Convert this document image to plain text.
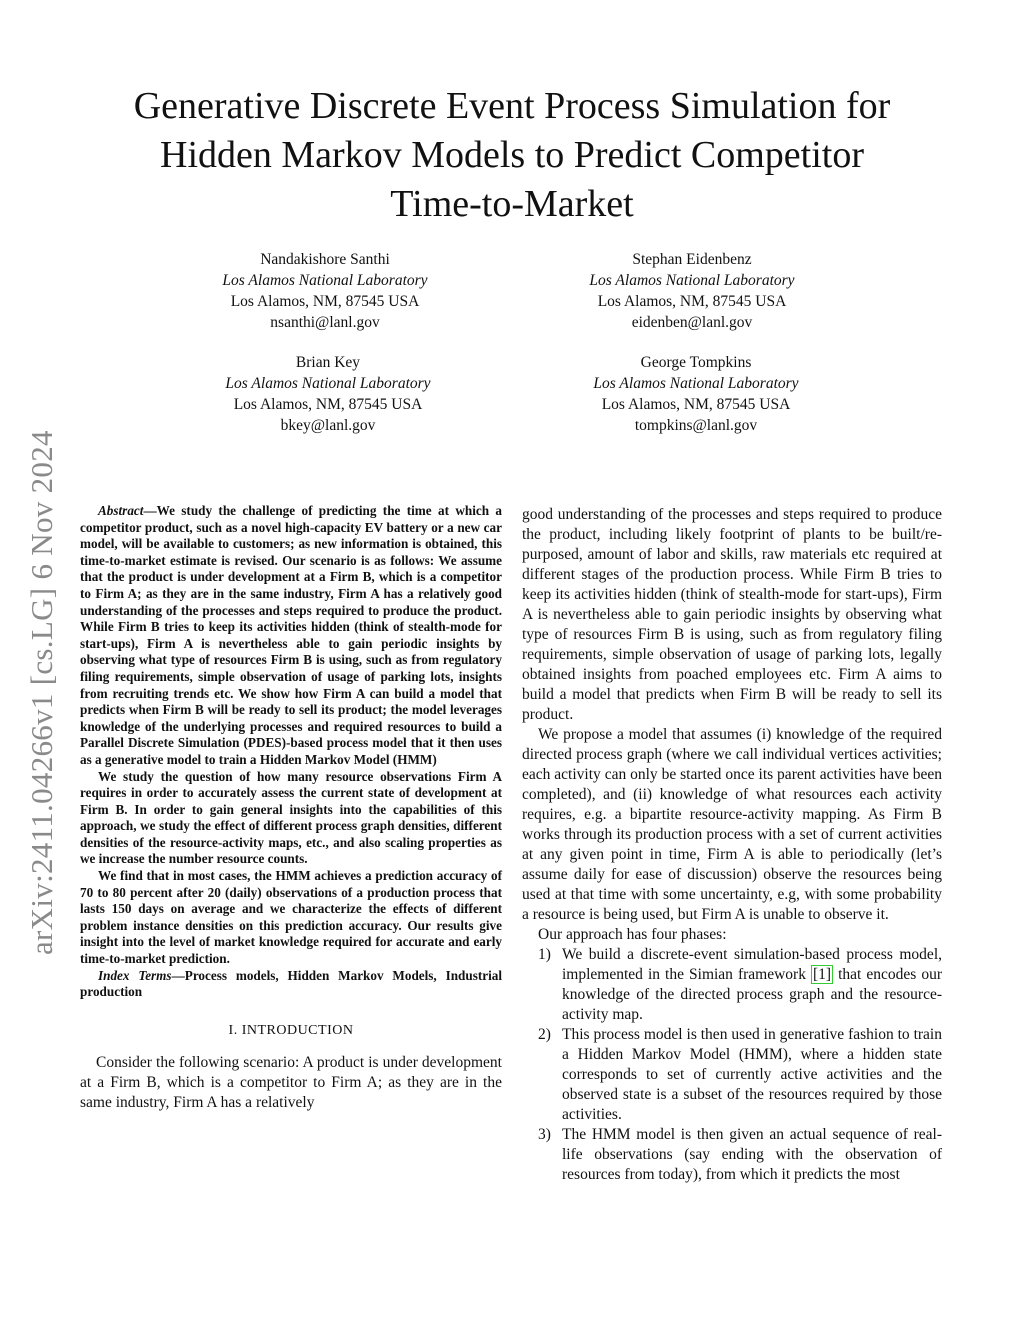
arXiv:2411.04266v1 [cs.LG] 6 Nov 2024
Generative Discrete Event Process Simulation for
Hidden Markov Models to Predict Competitor
Time-to-Market
Nandakishore Santhi
Los Alamos National Laboratory
Los Alamos, NM, 87545 USA
nsanthi@lanl.gov
Stephan Eidenbenz
Los Alamos National Laboratory
Los Alamos, NM, 87545 USA
eidenben@lanl.gov
Brian Key
Los Alamos National Laboratory
Los Alamos, NM, 87545 USA
bkey@lanl.gov
George Tompkins
Los Alamos National Laboratory
Los Alamos, NM, 87545 USA
tompkins@lanl.gov

Abstract—We study the challenge of predicting the time at which a competitor product, such as a novel high-capacity EV battery or a new car model, will be available to customers; as new information is obtained, this time-to-market estimate is revised. Our scenario is as follows: We assume that the product is under development at a Firm B, which is a competitor to Firm A; as they are in the same industry, Firm A has a relatively good understanding of the processes and steps required to produce the product. While Firm B tries to keep its activities hidden (think of stealth-mode for start-ups), Firm A is nevertheless able to gain periodic insights by observing what type of resources Firm B is using, such as from regulatory filing requirements, simple observation of usage of parking lots, insights from recruiting trends etc. We show how Firm A can build a model that predicts when Firm B will be ready to sell its product; the model leverages knowledge of the underlying processes and required resources to build a Parallel Discrete Simulation (PDES)-based process model that it then uses as a generative model to train a Hidden Markov Model (HMM)

We study the question of how many resource observations Firm A requires in order to accurately assess the current state of development at Firm B. In order to gain general insights into the capabilities of this approach, we study the effect of different process graph densities, different densities of the resource-activity maps, etc., and also scaling properties as we increase the number resource counts.

We find that in most cases, the HMM achieves a prediction accuracy of 70 to 80 percent after 20 (daily) observations of a production process that lasts 150 days on average and we characterize the effects of different problem instance densities on this prediction accuracy. Our results give insight into the level of market knowledge required for accurate and early time-to-market prediction.

Index Terms—Process models, Hidden Markov Models, Industrial production

I. INTRODUCTION

Consider the following scenario: A product is under development at a Firm B, which is a competitor to Firm A; as they are in the same industry, Firm A has a relatively

good understanding of the processes and steps required to produce the product, including likely footprint of plants to be built/re-purposed, amount of labor and skills, raw materials etc required at different stages of the production process. While Firm B tries to keep its activities hidden (think of stealth-mode for start-ups), Firm A is nevertheless able to gain periodic insights by observing what type of resources Firm B is using, such as from regulatory filing requirements, simple observation of usage of parking lots, legally obtained insights from poached employees etc. Firm A aims to build a model that predicts when Firm B will be ready to sell its product.

We propose a model that assumes (i) knowledge of the required directed process graph (where we call individual vertices activities; each activity can only be started once its parent activities have been completed), and (ii) knowledge of what resources each activity requires, e.g. a bipartite resource-activity mapping. As Firm B works through its production process with a set of current activities at any given point in time, Firm A is able to periodically (let’s assume daily for ease of discussion) observe the resources being used at that time with some uncertainty, e.g, with some probability a resource is being used, but Firm A is unable to observe it.

Our approach has four phases:

1) We build a discrete-event simulation-based process model, implemented in the Simian framework [1] that encodes our knowledge of the directed process graph and the resource-activity map.
2) This process model is then used in generative fashion to train a Hidden Markov Model (HMM), where a hidden state corresponds to set of currently active activities and the observed state is a subset of the resources required by those activities.
3) The HMM model is then given an actual sequence of real-life observations (say ending with the observation of resources from today), from which it predicts the most
